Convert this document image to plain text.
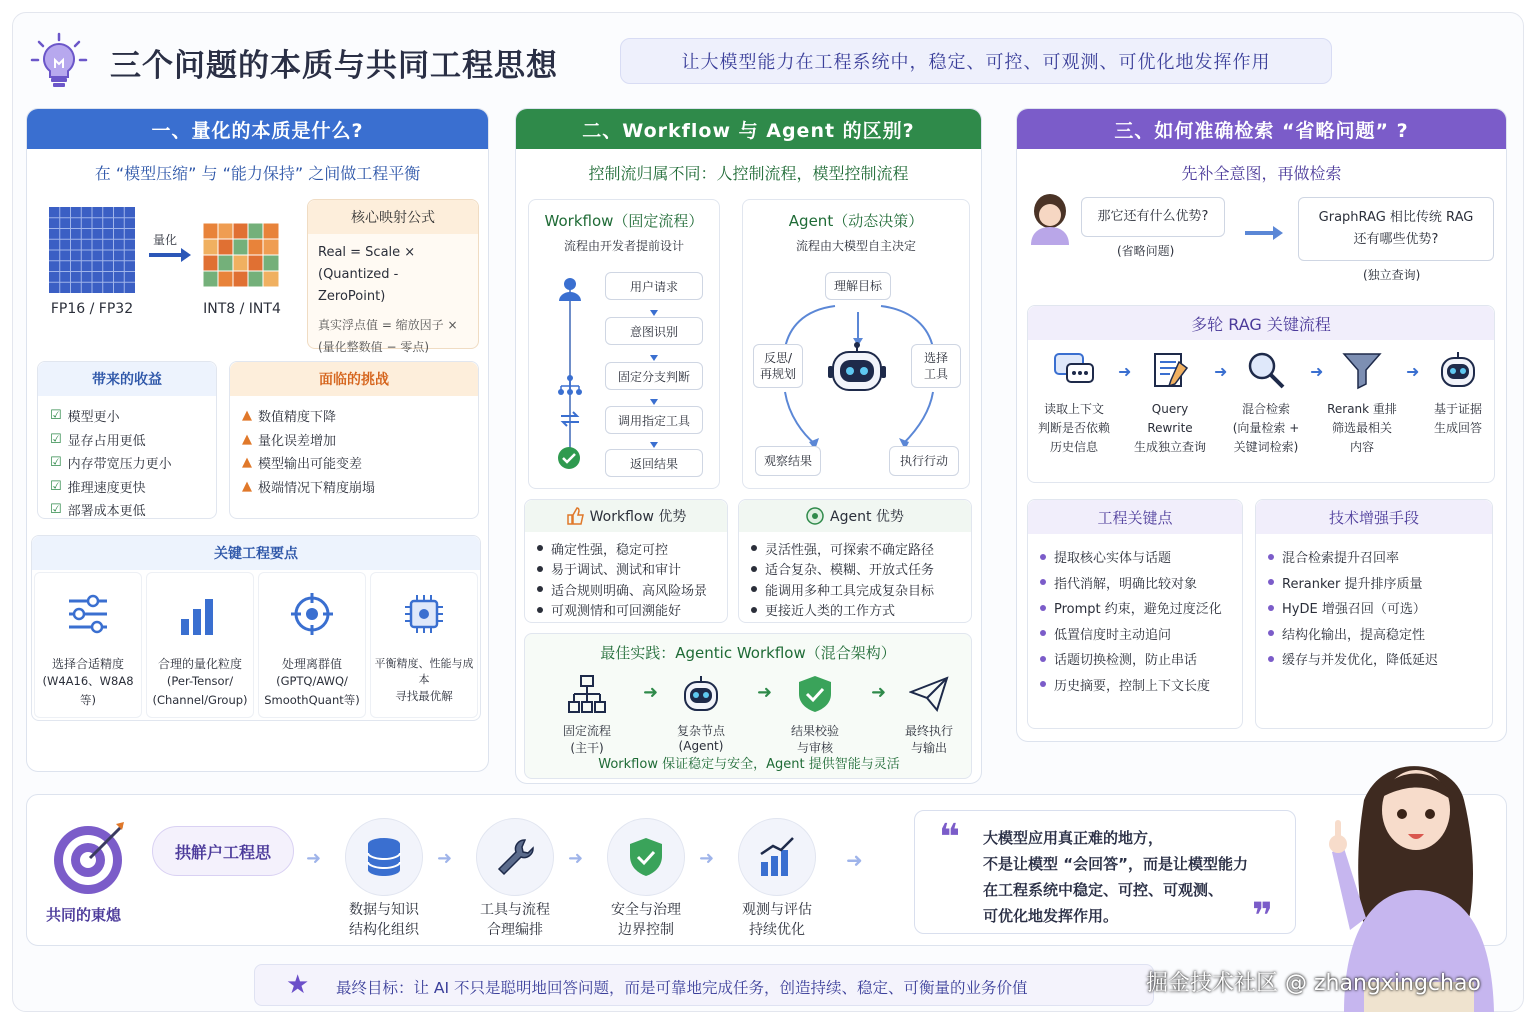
三个问题的本质与共同工程思想	让大模型能力在工程系统中，稳定、可控、可观测、可优化地发挥作用
一、量化的本质是什么?
在 “模型压缩” 与 “能力保持” 之间做工程平衡
FP16 / FP32
量化
INT8 / INT4
核心映射公式
Real = Scale ×
(Quantized - ZeroPoint)
真实浮点值 = 缩放因子 ×
(量化整数值 − 零点)
带来的收益
☑ 模型更小
☑ 显存占用更低
☑ 内存带宽压力更小
☑ 推理速度更快
☑ 部署成本更低
面临的挑战
▲ 数值精度下降
▲ 量化误差增加
▲ 模型输出可能变差
▲ 极端情况下精度崩塌
关键工程要点
选择合适精度
(W4A16、W8A8等)
合理的量化粒度
(Per-Tensor/
(Channel/Group)
处理离群值
(GPTQ/AWQ/
SmoothQuant等)
平衡精度、性能与成本
寻找最优解
二、Workflow 与 Agent 的区别?
控制流归属不同：人控制流程，模型控制流程
Workflow（固定流程）
流程由开发者提前设计
用户请求
意图识别
固定分支判断
调用指定工具
返回结果
Agent（动态决策）
流程由大模型自主决定
理解目标
反思/
再规划
选择
工具
观察结果	执行行动
Workflow 优势
确定性强，稳定可控
易于调试、测试和审计
适合规则明确、高风险场景
可观测情和可回溯能好
Agent 优势
灵活性强，可探索不确定路径
适合复杂、模糊、开放式任务
能调用多种工具完成复杂目标
更接近人类的工作方式
最佳实践：Agentic Workflow（混合架构）
固定流程
(主干)
➜
复杂节点
(Agent)
➜
结果校验
与审核
➜
最终执行
与输出
Workflow 保证稳定与安全，Agent 提供智能与灵活
三、如何准确检索 “省略问题” ?
先补全意图，再做检索
那它还有什么优势?
(省略问题)
GraphRAG 相比传统 RAG
还有哪些优势?
(独立查询)
多轮 RAG 关键流程
读取上下文
判断是否依赖
历史信息
➜
Query Rewrite
生成独立查询
➜
混合检索
(向量检索 +
关键词检索)
➜
Rerank 重排
筛选最相关
内容
➜
基于证据
生成回答
工程关键点
提取核心实体与话题
指代消解，明确比较对象
Prompt 约束，避免过度泛化
低置信度时主动追问
话题切换检测，防止串话
历史摘要，控制上下文长度
技术增强手段
混合检索提升召回率
Reranker 提升排序质量
HyDE 增强召回（可选）
结构化输出，提高稳定性
缓存与并发优化，降低延迟
共同的東熄
拱觧户工程思	➜
数据与知识
结构化组织
➜
工具与流程
合理编排
➜
安全与治理
边界控制
➜
观测与评估
持续优化
➜
❝ 大模型应用真正难的地方，
不是让模型 “会回答”，而是让模型能力
在工程系统中稳定、可控、可观测、
可优化地发挥作用。	❞
★ 最终目标：让 AI 不只是聪明地回答问题，而是可靠地完成任务，创造持续、稳定、可衡量的业务价值	掘金技术社区 @ zhangxingchao
